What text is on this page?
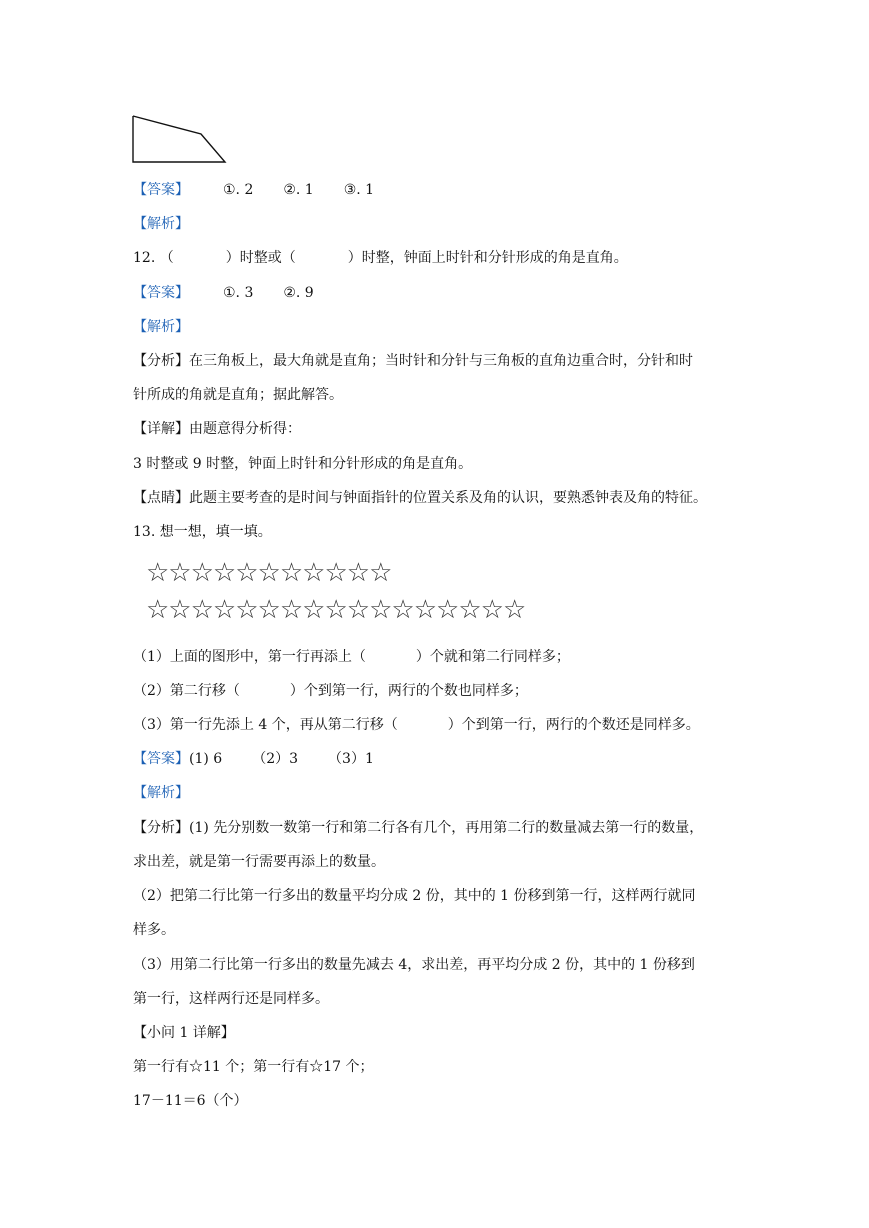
【答案】 ①. 2 ②. 1 ③. 1
【解析】
12. （	）时整或（	）时整，钟面上时针和分针形成的角是直角。
【答案】 ①. 3 ②. 9
【解析】
【分析】在三角板上，最大角就是直角；当时针和分针与三角板的直角边重合时，分针和时
针所成的角就是直角；据此解答。
【详解】由题意得分析得：
3 时整或 9 时整，钟面上时针和分针形成的角是直角。
【点睛】此题主要考查的是时间与钟面指针的位置关系及角的认识，要熟悉钟表及角的特征。
13. 想一想，填一填。
☆☆☆☆☆☆☆☆☆☆☆
☆☆☆☆☆☆☆☆☆☆☆☆☆☆☆☆☆
（1）上面的图形中，第一行再添上（	）个就和第二行同样多；
（2）第二行移（	）个到第一行，两行的个数也同样多；
（3）第一行先添上 4 个，再从第二行移（	）个到第一行，两行的个数还是同样多。
【答案】(1) 6 （2）3 （3）1
【解析】
【分析】(1) 先分别数一数第一行和第二行各有几个，再用第二行的数量减去第一行的数量，
求出差，就是第一行需要再添上的数量。
（2）把第二行比第一行多出的数量平均分成 2 份，其中的 1 份移到第一行，这样两行就同
样多。
（3）用第二行比第一行多出的数量先减去 4，求出差，再平均分成 2 份，其中的 1 份移到
第一行，这样两行还是同样多。
【小问 1 详解】
第一行有☆11 个；第一行有☆17 个；
17－11＝6（个）
